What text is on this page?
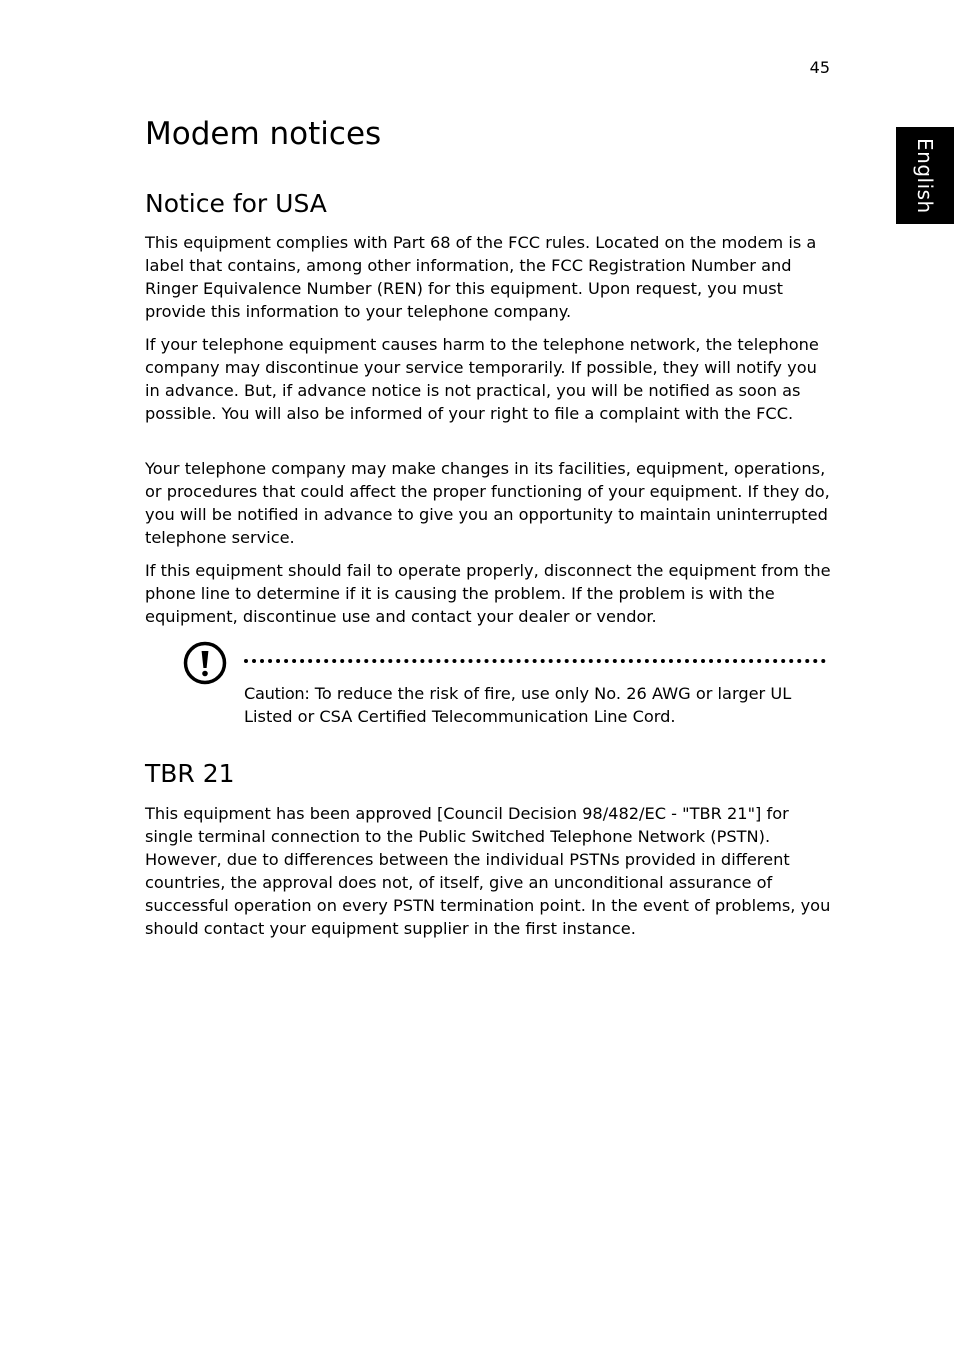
45
English
Modem notices
Notice for USA

This equipment complies with Part 68 of the FCC rules. Located on the modem is a label that contains, among other information, the FCC Registration Number and Ringer Equivalence Number (REN) for this equipment. Upon request, you must provide this information to your telephone company.

If your telephone equipment causes harm to the telephone network, the telephone company may discontinue your service temporarily. If possible, they will notify you in advance. But, if advance notice is not practical, you will be notified as soon as possible. You will also be informed of your right to file a complaint with the FCC.

Your telephone company may make changes in its facilities, equipment, operations, or procedures that could affect the proper functioning of your equipment. If they do, you will be notified in advance to give you an opportunity to maintain uninterrupted telephone service.

If this equipment should fail to operate properly, disconnect the equipment from the phone line to determine if it is causing the problem. If the problem is with the equipment, discontinue use and contact your dealer or vendor.

TBR 21

This equipment has been approved [Council Decision 98/482/EC - "TBR 21"] for single terminal connection to the Public Switched Telephone Network (PSTN). However, due to differences between the individual PSTNs provided in different countries, the approval does not, of itself, give an unconditional assurance of successful operation on every PSTN termination point. In the event of problems, you should contact your equipment supplier in the first instance.

Caution: To reduce the risk of fire, use only No. 26 AWG or larger UL Listed or CSA Certified Telecommunication Line Cord.
